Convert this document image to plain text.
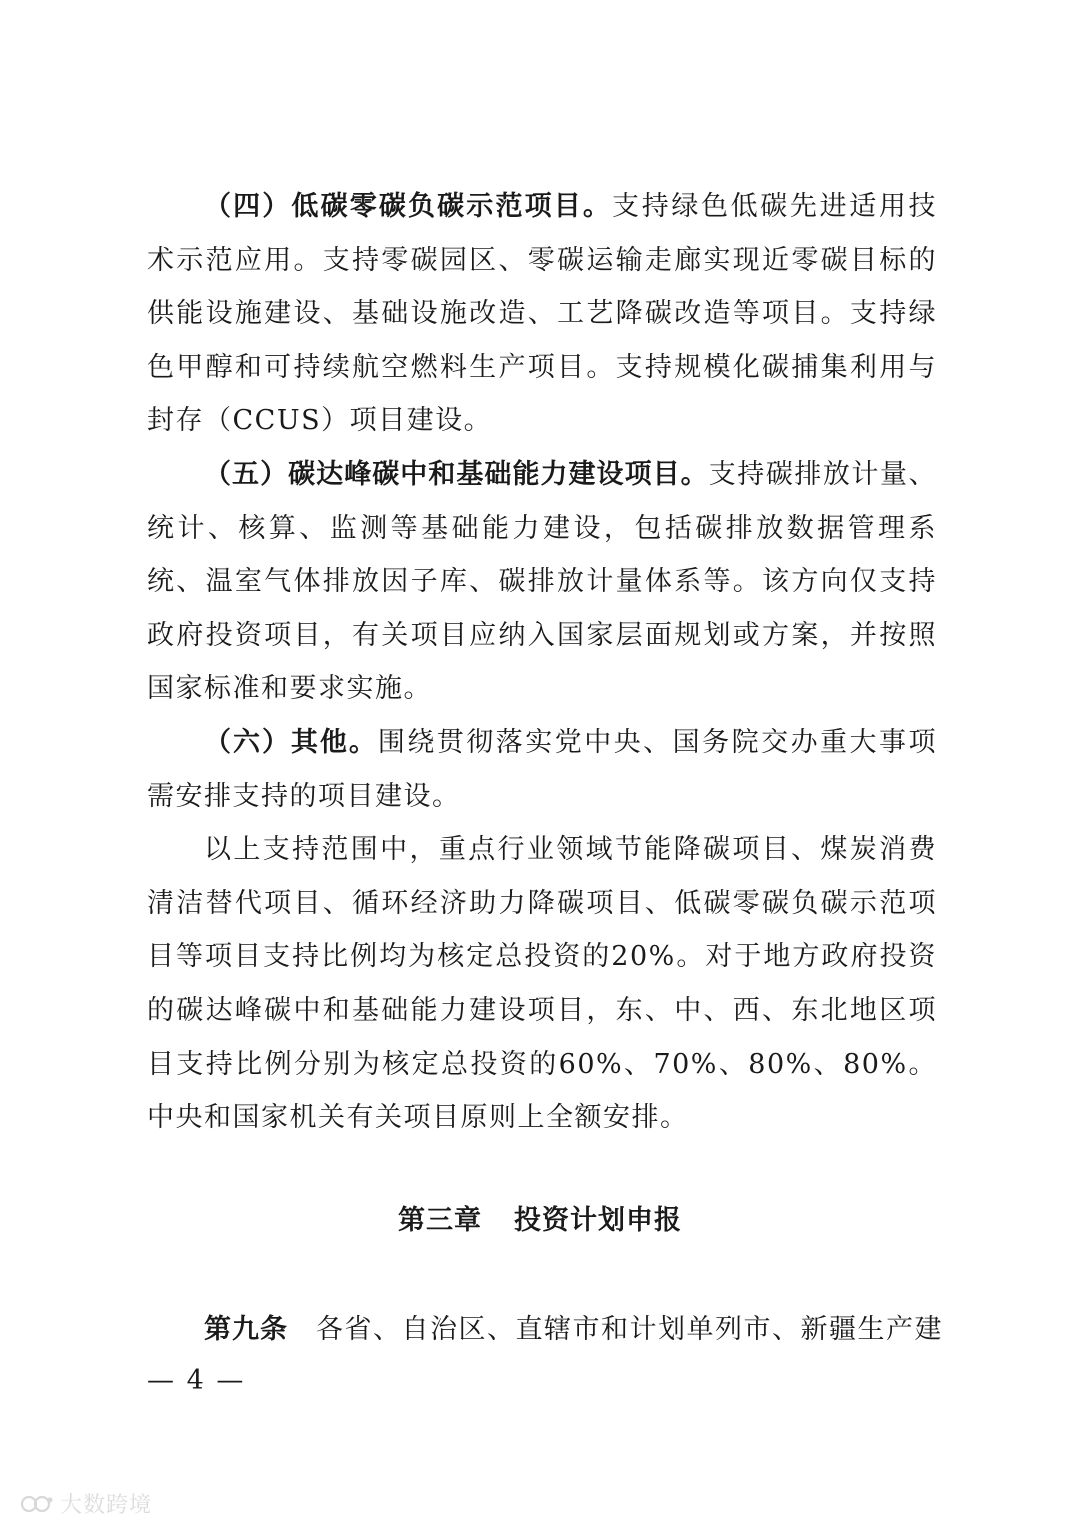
（四）低碳零碳负碳示范项目。支持绿色低碳先进适用技术示范应用。支持零碳园区、零碳运输走廊实现近零碳目标的供能设施建设、基础设施改造、工艺降碳改造等项目。支持绿色甲醇和可持续航空燃料生产项目。支持规模化碳捕集利用与封存（CCUS）项目建设。

（五）碳达峰碳中和基础能力建设项目。支持碳排放计量、统计、核算、监测等基础能力建设，包括碳排放数据管理系统、温室气体排放因子库、碳排放计量体系等。该方向仅支持政府投资项目，有关项目应纳入国家层面规划或方案，并按照国家标准和要求实施。

（六）其他。围绕贯彻落实党中央、国务院交办重大事项需安排支持的项目建设。

以上支持范围中，重点行业领域节能降碳项目、煤炭消费清洁替代项目、循环经济助力降碳项目、低碳零碳负碳示范项目等项目支持比例均为核定总投资的20%。对于地方政府投资的碳达峰碳中和基础能力建设项目，东、中、西、东北地区项目支持比例分别为核定总投资的60%、70%、80%、80%。中央和国家机关有关项目原则上全额安排。

第三章 投资计划申报
第九条 各省、自治区、直辖市和计划单列市、新疆生产建
— 4 —
大数跨境
